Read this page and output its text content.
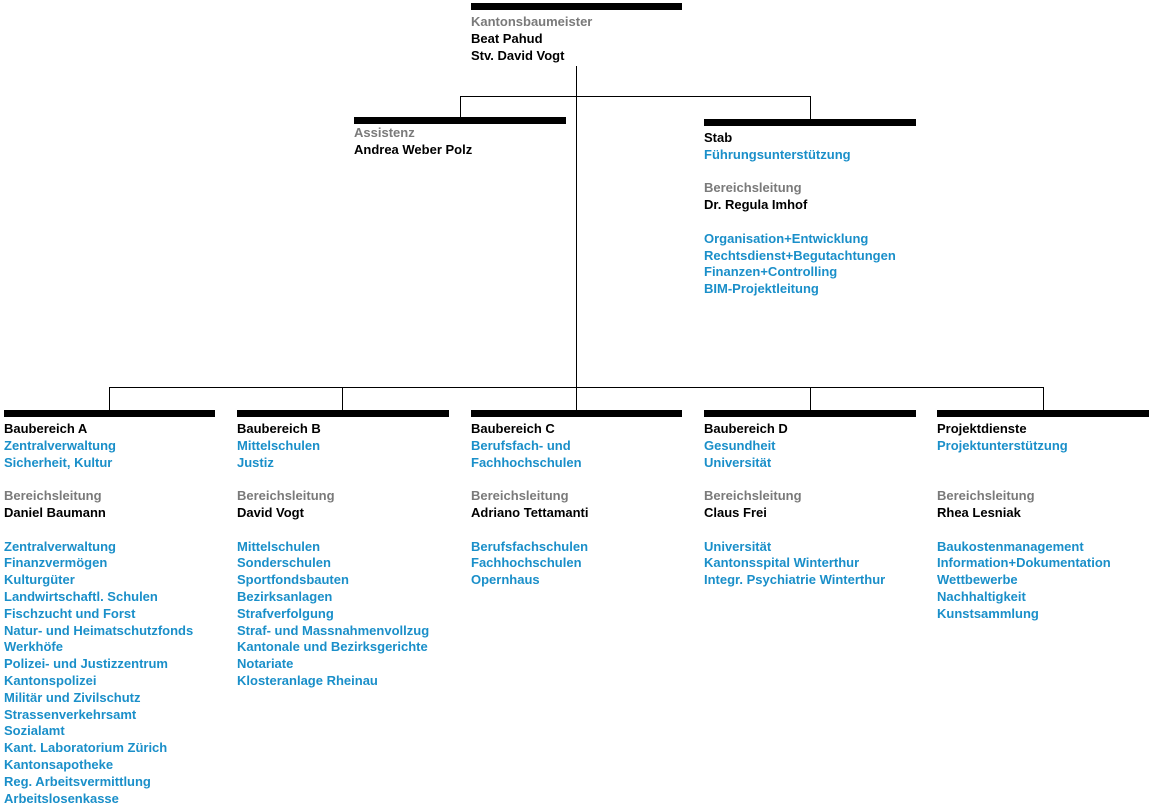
Kantonsbaumeister
Beat Pahud
Stv. David Vogt
Assistenz
Andrea Weber Polz
Stab
Führungsunterstützung
Bereichsleitung
Dr. Regula Imhof
Organisation+Entwicklung
Rechtsdienst+Begutachtungen
Finanzen+Controlling
BIM-Projektleitung
Baubereich A
Zentralverwaltung
Sicherheit, Kultur
Bereichsleitung
Daniel Baumann
Zentralverwaltung
Finanzvermögen
Kulturgüter
Landwirtschaftl. Schulen
Fischzucht und Forst
Natur- und Heimatschutzfonds
Werkhöfe
Polizei- und Justizzentrum
Kantonspolizei
Militär und Zivilschutz
Strassenverkehrsamt
Sozialamt
Kant. Laboratorium Zürich
Kantonsapotheke
Reg. Arbeitsvermittlung
Arbeitslosenkasse
Baubereich B
Mittelschulen
Justiz
Bereichsleitung
David Vogt
Mittelschulen
Sonderschulen
Sportfondsbauten
Bezirksanlagen
Strafverfolgung
Straf- und Massnahmenvollzug
Kantonale und Bezirksgerichte
Notariate
Klosteranlage Rheinau
Baubereich C
Berufsfach- und
Fachhochschulen
Bereichsleitung
Adriano Tettamanti
Berufsfachschulen
Fachhochschulen
Opernhaus
Baubereich D
Gesundheit
Universität
Bereichsleitung
Claus Frei
Universität
Kantonsspital Winterthur
Integr. Psychiatrie Winterthur
Projektdienste
Projektunterstützung
Bereichsleitung
Rhea Lesniak
Baukostenmanagement
Information+Dokumentation
Wettbewerbe
Nachhaltigkeit
Kunstsammlung
